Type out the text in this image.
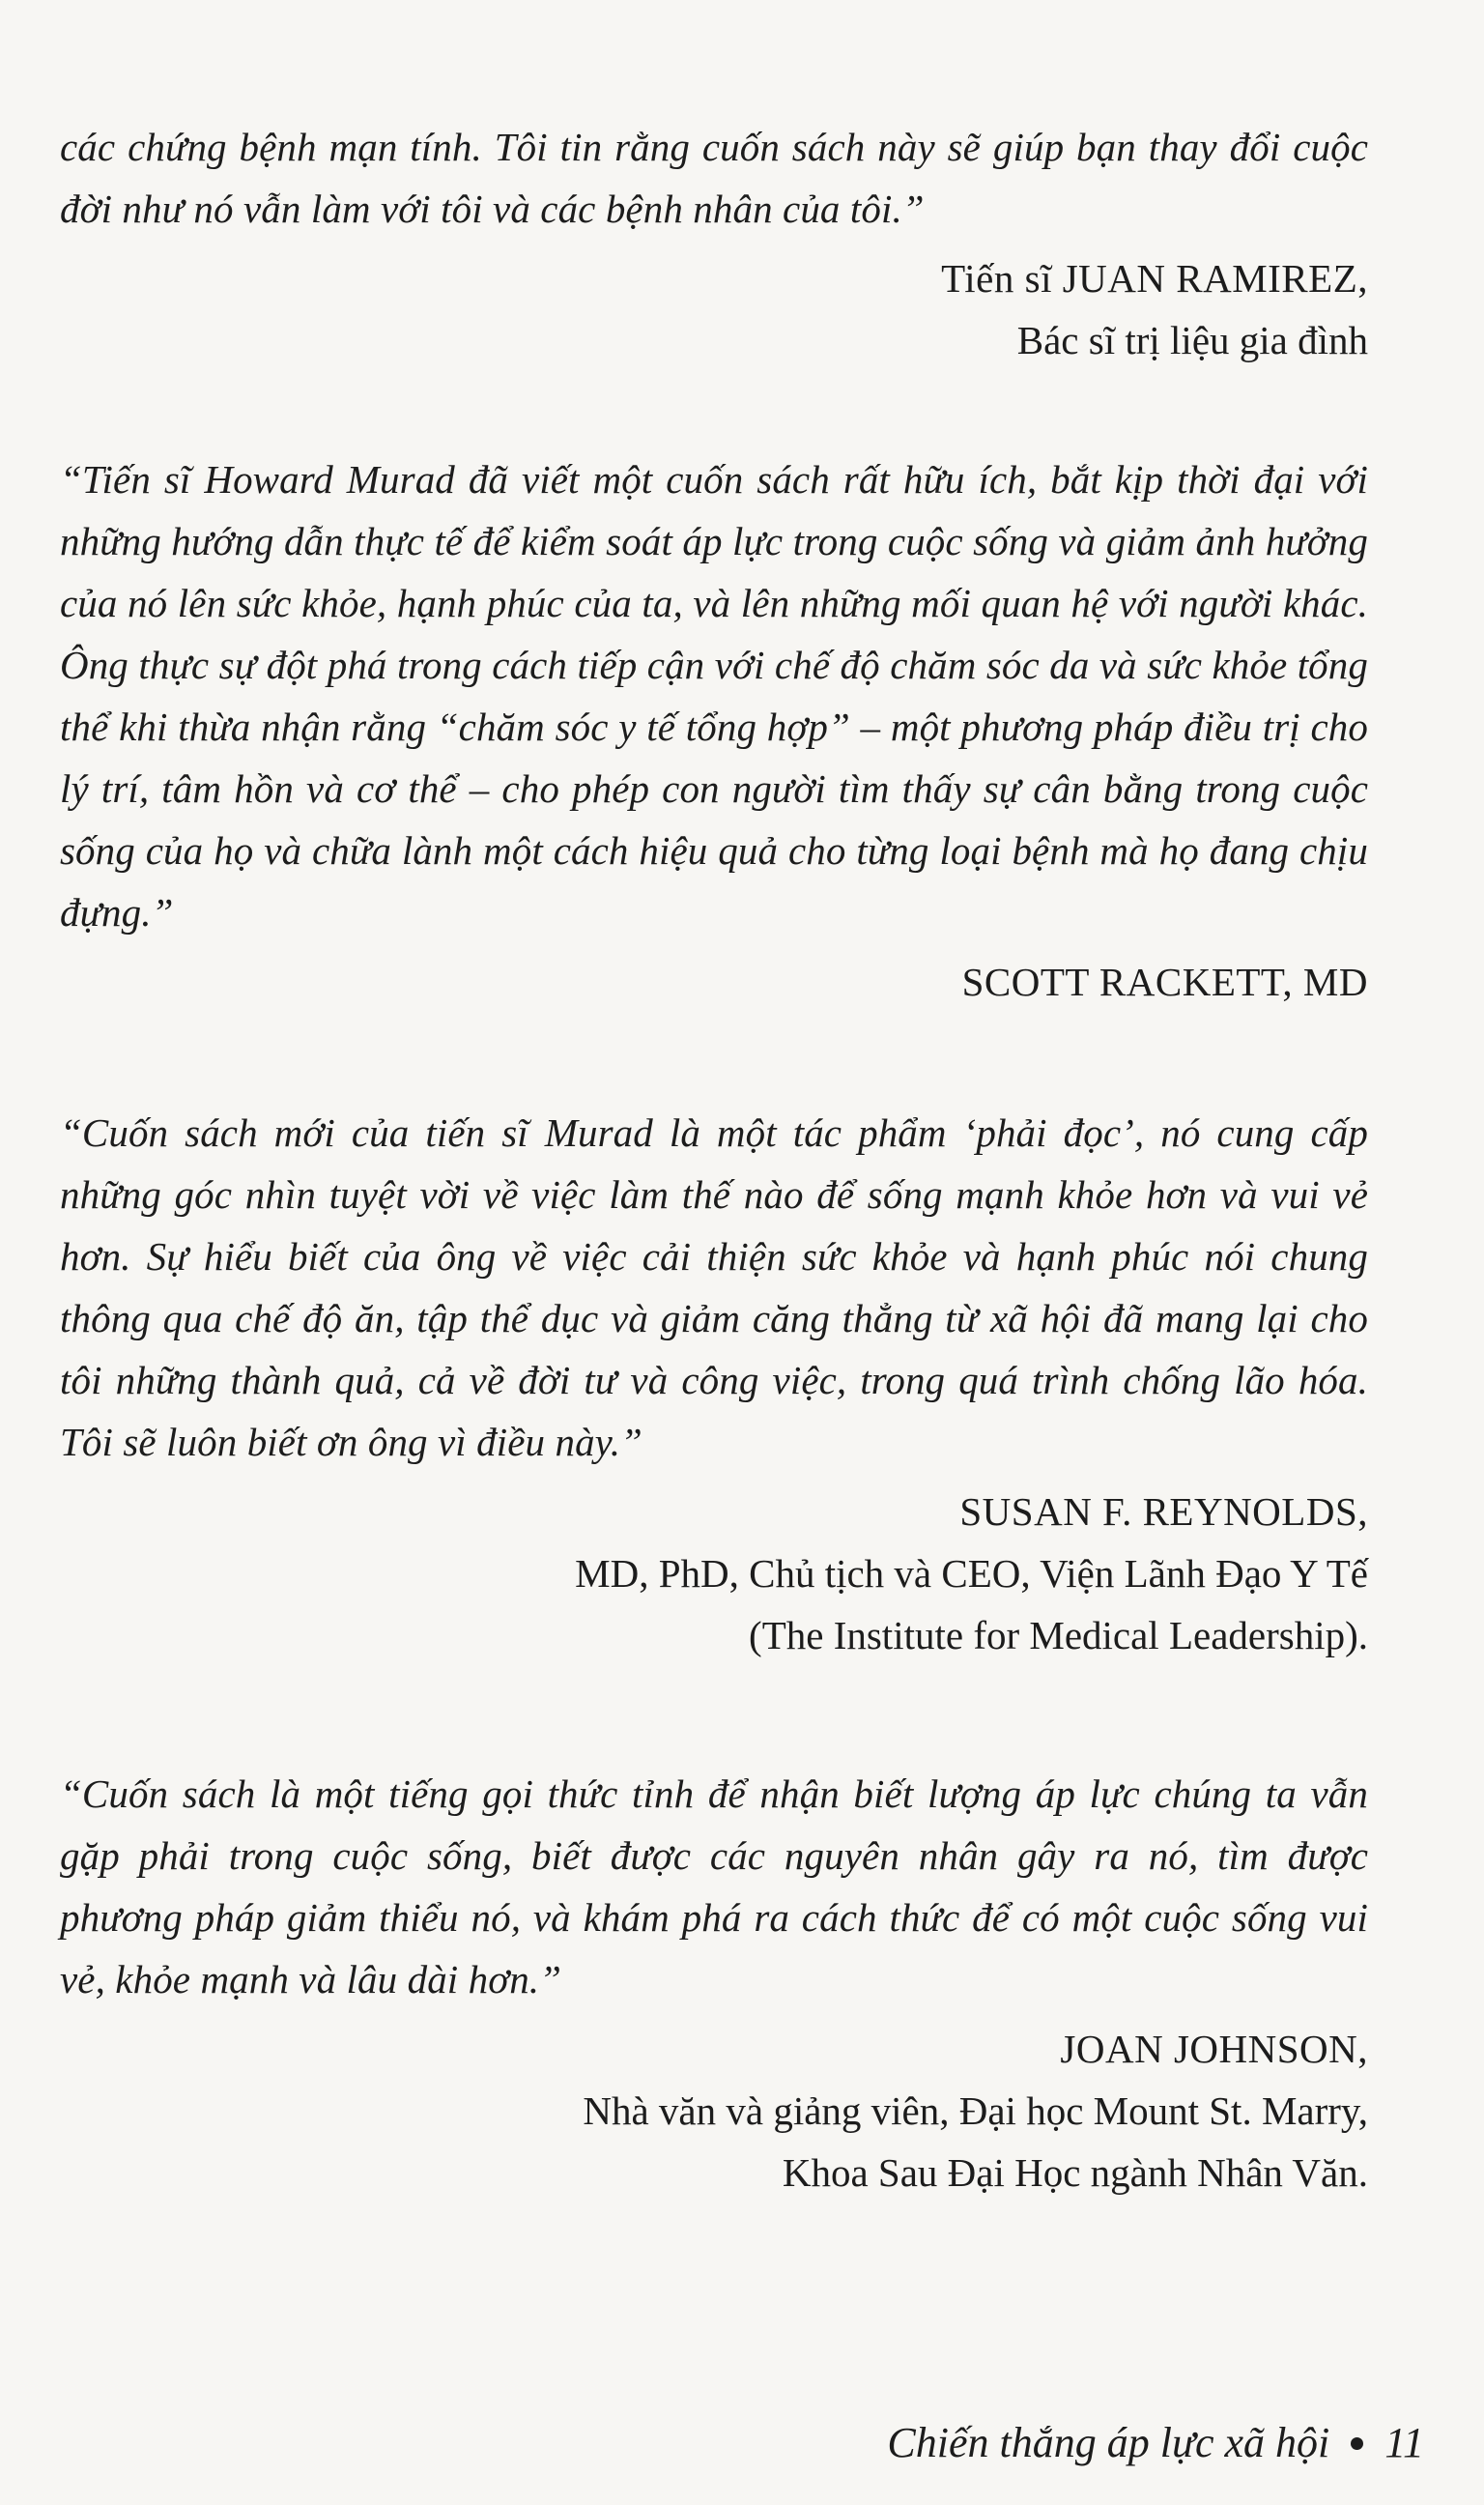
các chứng bệnh mạn tính. Tôi tin rằng cuốn sách này sẽ giúp bạn thay đổi cuộc đời như nó vẫn làm với tôi và các bệnh nhân của tôi.”

Tiến sĩ JUAN RAMIREZ,
Bác sĩ trị liệu gia đình

“Tiến sĩ Howard Murad đã viết một cuốn sách rất hữu ích, bắt kịp thời đại với những hướng dẫn thực tế để kiểm soát áp lực trong cuộc sống và giảm ảnh hưởng của nó lên sức khỏe, hạnh phúc của ta, và lên những mối quan hệ với người khác. Ông thực sự đột phá trong cách tiếp cận với chế độ chăm sóc da và sức khỏe tổng thể khi thừa nhận rằng “chăm sóc y tế tổng hợp” – một phương pháp điều trị cho lý trí, tâm hồn và cơ thể – cho phép con người tìm thấy sự cân bằng trong cuộc sống của họ và chữa lành một cách hiệu quả cho từng loại bệnh mà họ đang chịu đựng.”

SCOTT RACKETT, MD

“Cuốn sách mới của tiến sĩ Murad là một tác phẩm ‘phải đọc’, nó cung cấp những góc nhìn tuyệt vời về việc làm thế nào để sống mạnh khỏe hơn và vui vẻ hơn. Sự hiểu biết của ông về việc cải thiện sức khỏe và hạnh phúc nói chung thông qua chế độ ăn, tập thể dục và giảm căng thẳng từ xã hội đã mang lại cho tôi những thành quả, cả về đời tư và công việc, trong quá trình chống lão hóa. Tôi sẽ luôn biết ơn ông vì điều này.”

SUSAN F. REYNOLDS,
MD, PhD, Chủ tịch và CEO, Viện Lãnh Đạo Y Tế
(The Institute for Medical Leadership).

“Cuốn sách là một tiếng gọi thức tỉnh để nhận biết lượng áp lực chúng ta vẫn gặp phải trong cuộc sống, biết được các nguyên nhân gây ra nó, tìm được phương pháp giảm thiểu nó, và khám phá ra cách thức để có một cuộc sống vui vẻ, khỏe mạnh và lâu dài hơn.”

JOAN JOHNSON,
Nhà văn và giảng viên, Đại học Mount St. Marry,
Khoa Sau Đại Học ngành Nhân Văn.
Chiến thắng áp lực xã hội 11
